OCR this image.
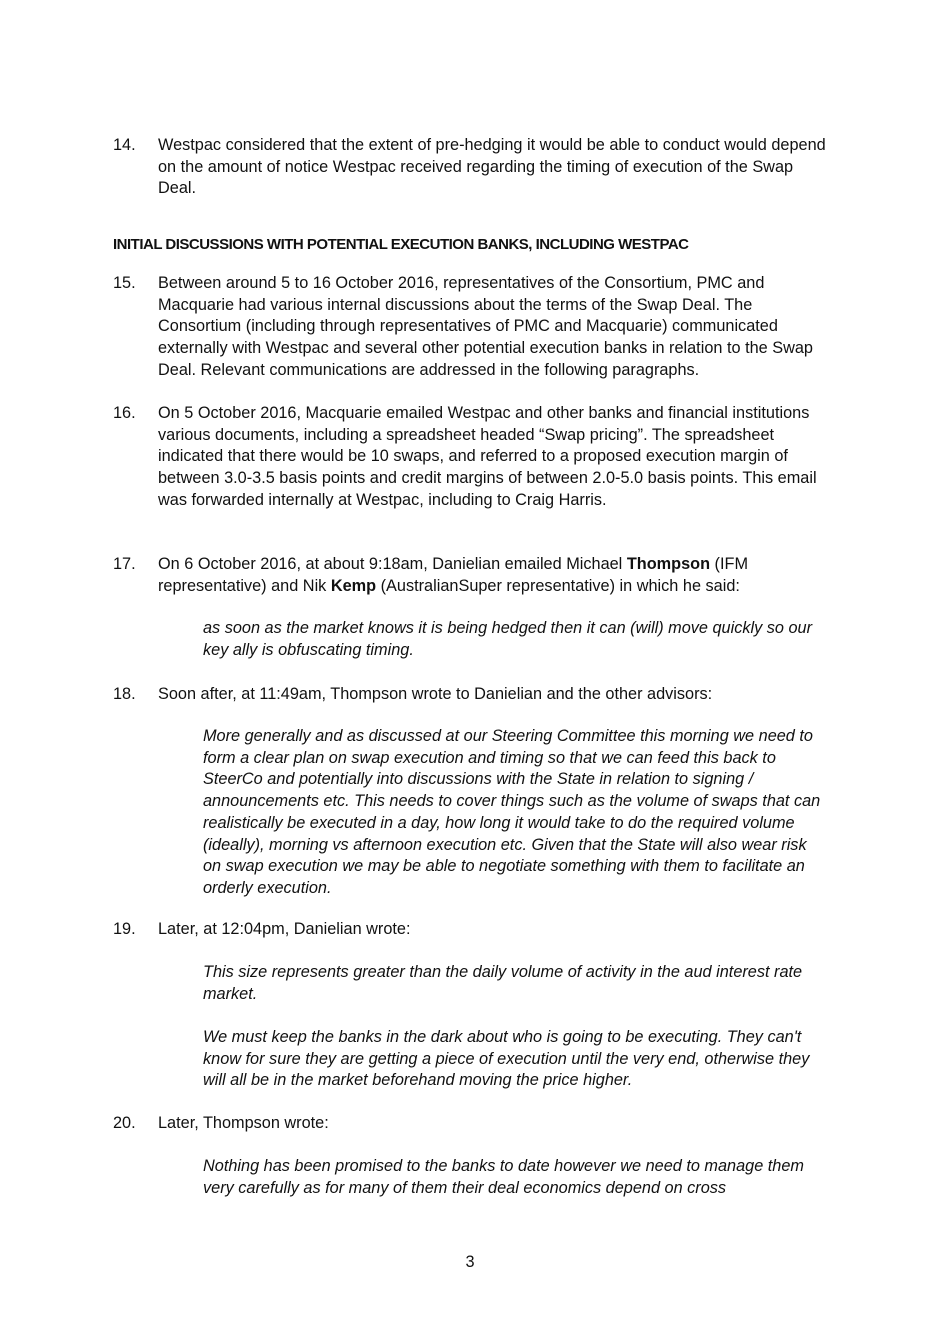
14.	Westpac considered that the extent of pre-hedging it would be able to conduct would depend on the amount of notice Westpac received regarding the timing of execution of the Swap Deal.
INITIAL DISCUSSIONS WITH POTENTIAL EXECUTION BANKS, INCLUDING WESTPAC
15.	Between around 5 to 16 October 2016, representatives of the Consortium, PMC and Macquarie had various internal discussions about the terms of the Swap Deal. The Consortium (including through representatives of PMC and Macquarie) communicated externally with Westpac and several other potential execution banks in relation to the Swap Deal. Relevant communications are addressed in the following paragraphs.
16.	On 5 October 2016, Macquarie emailed Westpac and other banks and financial institutions various documents, including a spreadsheet headed “Swap pricing”. The spreadsheet indicated that there would be 10 swaps, and referred to a proposed execution margin of between 3.0-3.5 basis points and credit margins of between 2.0-5.0 basis points. This email was forwarded internally at Westpac, including to Craig Harris.
17.	On 6 October 2016, at about 9:18am, Danielian emailed Michael Thompson (IFM representative) and Nik Kemp (AustralianSuper representative) in which he said:
as soon as the market knows it is being hedged then it can (will) move quickly so our key ally is obfuscating timing.
18.	Soon after, at 11:49am, Thompson wrote to Danielian and the other advisors:
More generally and as discussed at our Steering Committee this morning we need to form a clear plan on swap execution and timing so that we can feed this back to SteerCo and potentially into discussions with the State in relation to signing / announcements etc. This needs to cover things such as the volume of swaps that can realistically be executed in a day, how long it would take to do the required volume (ideally), morning vs afternoon execution etc. Given that the State will also wear risk on swap execution we may be able to negotiate something with them to facilitate an orderly execution.
19.	Later, at 12:04pm, Danielian wrote:
This size represents greater than the daily volume of activity in the aud interest rate market.
We must keep the banks in the dark about who is going to be executing. They can't know for sure they are getting a piece of execution until the very end, otherwise they will all be in the market beforehand moving the price higher.
20.	Later, Thompson wrote:
Nothing has been promised to the banks to date however we need to manage them very carefully as for many of them their deal economics depend on cross
3
